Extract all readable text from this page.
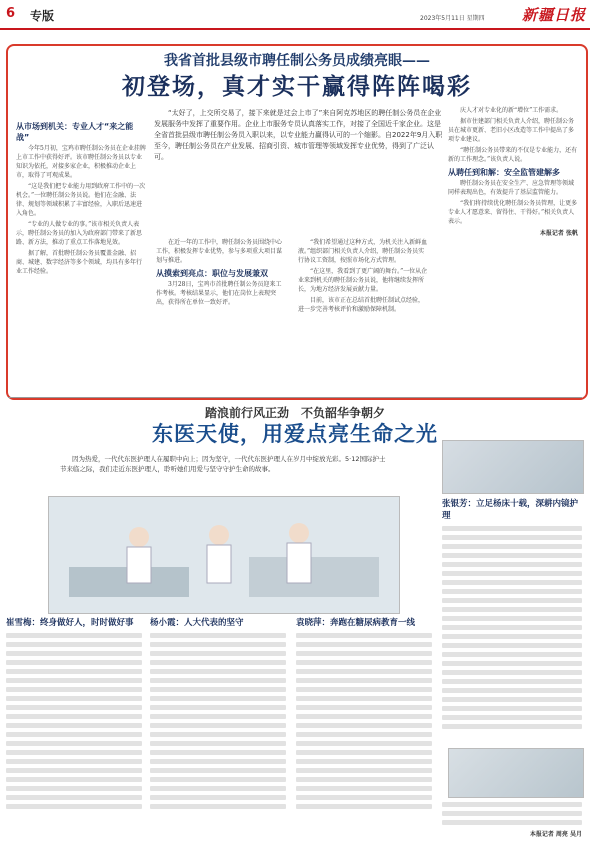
6 专版	2023年5月11日 星期四 新疆日报
我省首批县级市聘任制公务员成绩亮眼——
初登场，真才实干赢得阵阵喝彩
“太好了，上交所交易了，接下来就是过会上市了”来自阿克苏地区的聘任制公务员在企业发展服务中发挥了重要作用。企业上市服务专员认真落实工作，对接了全国近千家企业。这是全省首批县级市聘任制公务员入职以来，以专业能力赢得认可的一个缩影。自2022年9月入职至今，聘任制公务员在产业发展、招商引资、城市管理等领域发挥专业优势，得到了广泛认可。
从市场到机关：专业人才“来之能战”

今年5月初，宝鸡市聘任制公务员在企业挂牌上市工作中获得好评。该市聘任制公务员以专业知识为依托，对接多家企业，积极推动企业上市，取得了可观成果。

“这是我们把专业能力用到政府工作中的一次机会。”一位聘任制公务员说。他们在金融、法律、规划等领域积累了丰富经验，入职后迅速进入角色。

“专业的人做专业的事。”该市相关负责人表示，聘任制公务员的加入为政府部门带来了新思路、新方法，推动了重点工作落地见效。

据了解，首批聘任制公务员覆盖金融、招商、城建、数字经济等多个领域，均具有多年行业工作经验。

在近一年的工作中，聘任制公务员围绕中心工作，积极发挥专业优势，参与多项重大项目谋划与推进。

从摸索到亮点：职位与发展兼双

3月28日，宝鸡市首批聘任制公务员迎来工作考核。考核结果显示，他们在岗位上表现突出，获得所在单位一致好评。

“我们希望通过这种方式，为机关注入新鲜血液。”组织部门相关负责人介绍，聘任制公务员实行协议工资制，按照市场化方式管理。

“在这里，我看到了更广阔的舞台。”一位从企业来到机关的聘任制公务员说，他将继续发挥所长，为地方经济发展贡献力量。

目前，该市正在总结首批聘任制试点经验，进一步完善考核评价和激励保障机制。

庆人才对专业化的新“增位”工作需求。

据市住建部门相关负责人介绍，聘任制公务员在城市更新、老旧小区改造等工作中提出了多项专业建议。

“聘任制公务员带来的不仅是专业能力，还有新的工作理念。”该负责人说。

从聘任到和解：安全监管建解多

聘任制公务员在安全生产、应急管理等领域同样表现出色，有效提升了基层监管能力。

“我们将持续优化聘任制公务员管理，让更多专业人才愿意来、留得住、干得好。”相关负责人表示。

本报记者 张帆
踏浪前行风正劲　不负韶华争朝夕
东医天使，用爱点亮生命之光
因为热爱，一代代东医护理人在履职中向上；因为坚守，一代代东医护理人在岁月中绽放光彩。5·12国际护士节来临之际，我们走近东医护理人，聆听她们用爱与坚守守护生命的故事。
崔雪梅：终身做好人，时时做好事	杨小霞：人大代表的坚守	袁晓萍：奔跑在糖尿病教育一线
张银芳：立足杨床十载，深耕内镜护理
本报记者 周亮 吴月
